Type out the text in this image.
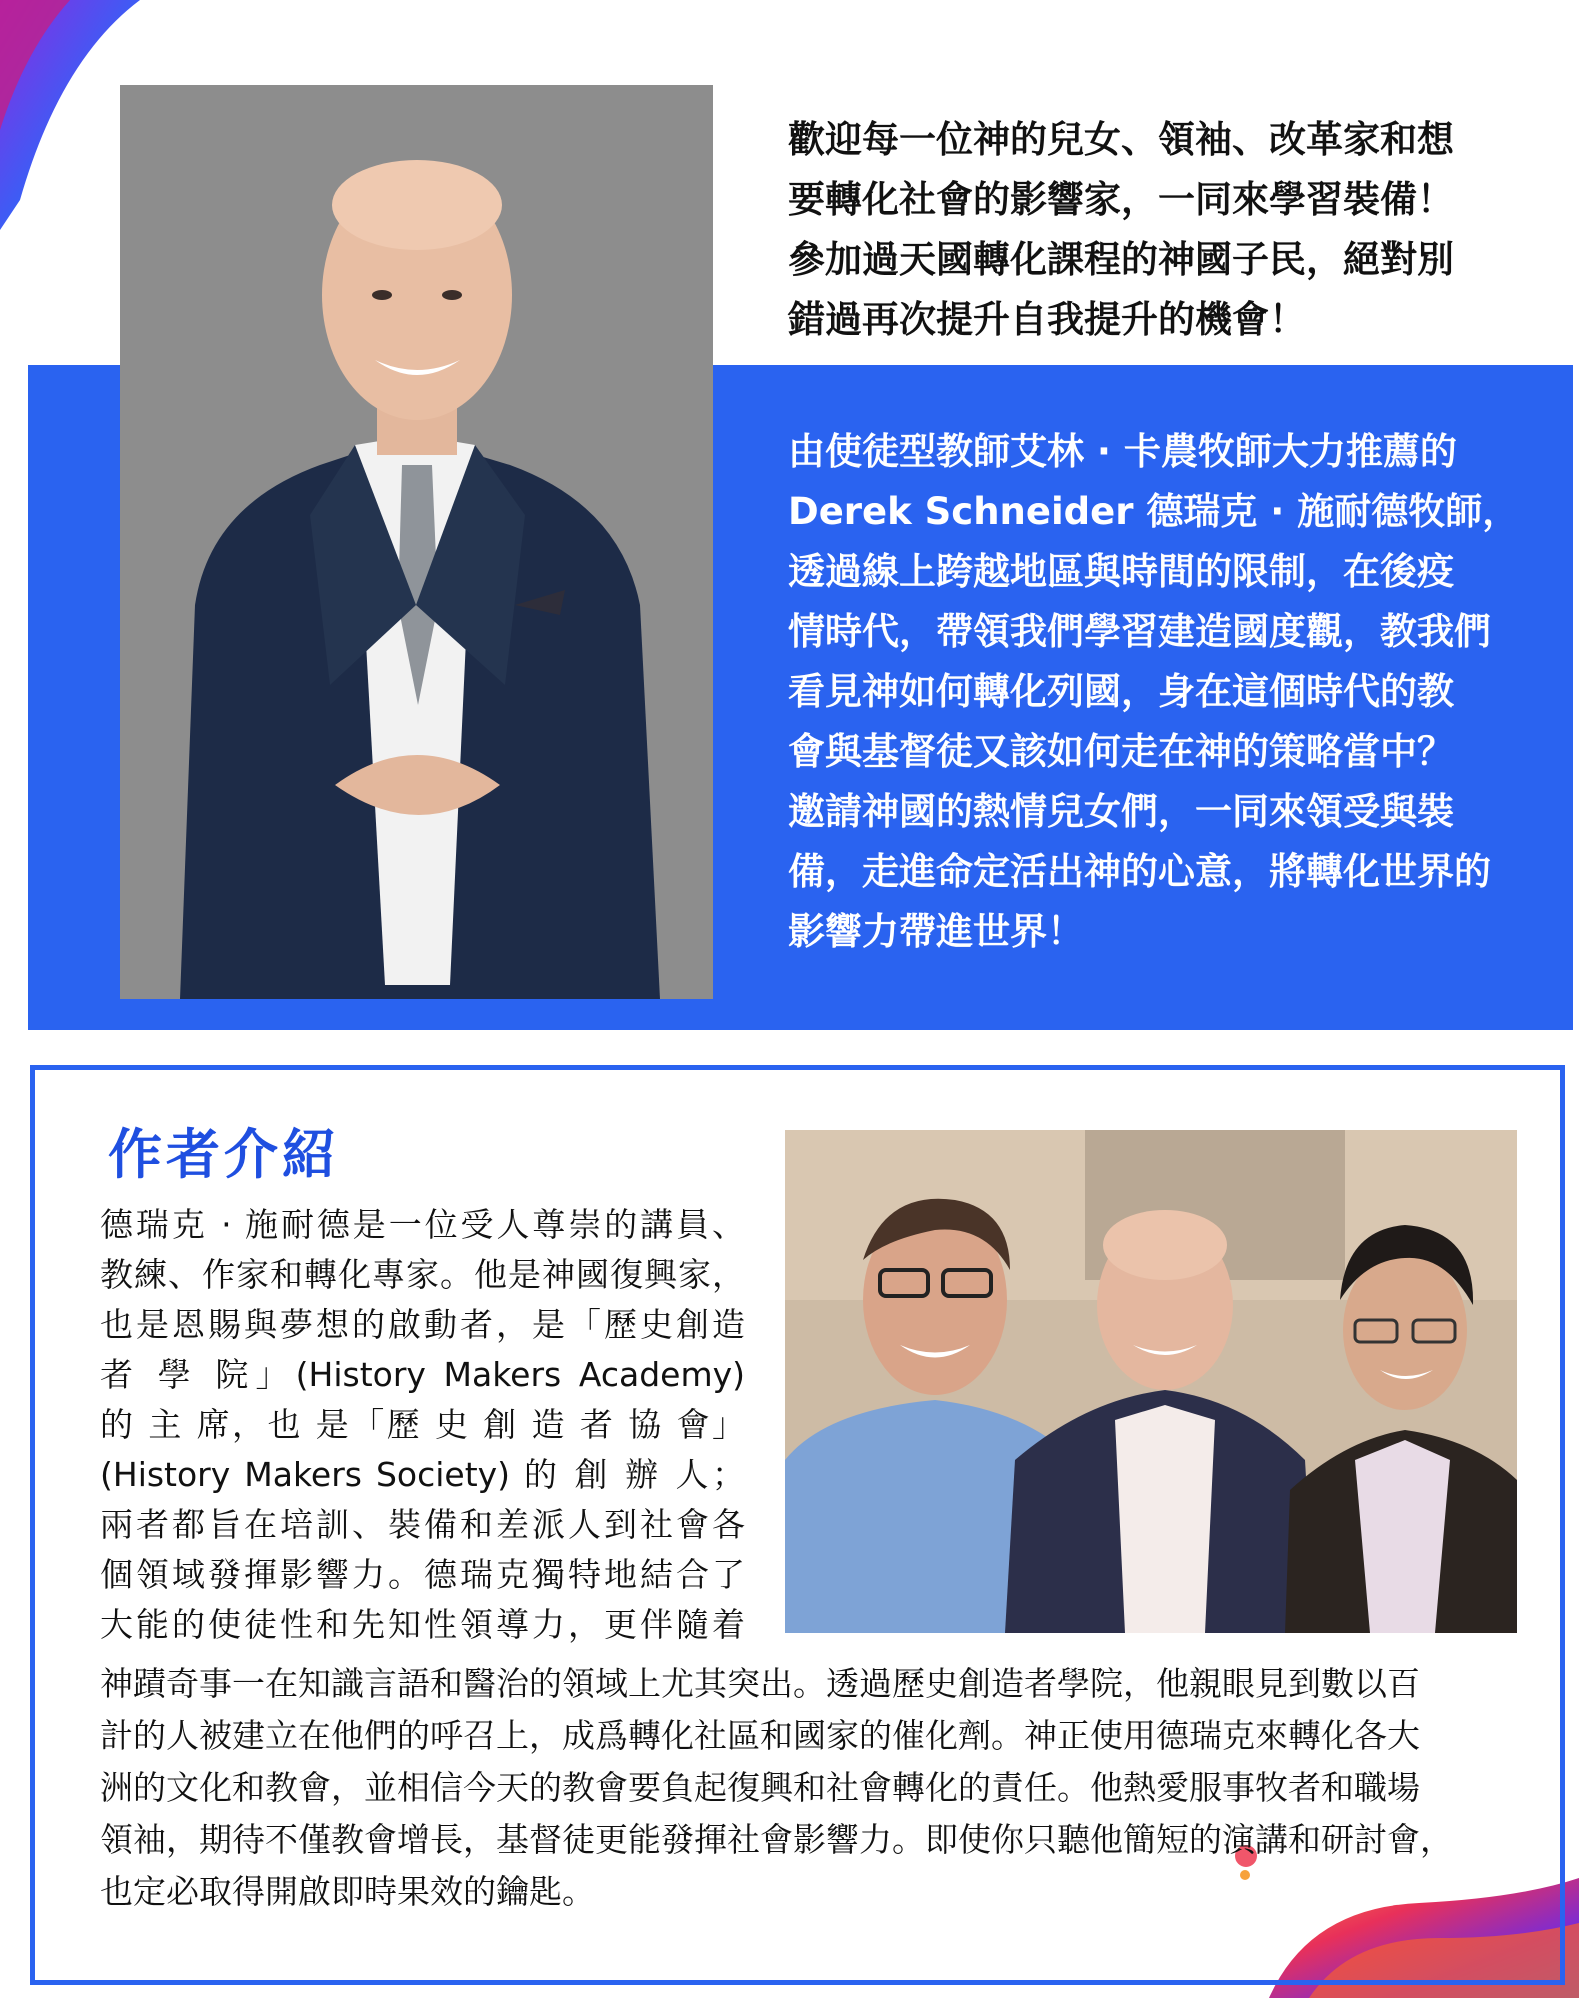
歡迎每一位神的兒女、領袖、改革家和想
要轉化社會的影響家，一同來學習裝備！
參加過天國轉化課程的神國子民，絕對別
錯過再次提升自我提升的機會！
由使徒型教師艾林 · 卡農牧師大力推薦的
Derek Schneider 德瑞克 · 施耐德牧師，
透過線上跨越地區與時間的限制，在後疫
情時代，帶領我們學習建造國度觀，教我們
看見神如何轉化列國，身在這個時代的教
會與基督徒又該如何走在神的策略當中？
邀請神國的熱情兒女們，一同來領受與裝
備，走進命定活出神的心意，將轉化世界的
影響力帶進世界！
作者介紹
德瑞克 · 施耐德是一位受人尊崇的講員、
教練、作家和轉化專家。他是神國復興家，
也是恩賜與夢想的啟動者，是「歷史創造
者 學 院」(History Makers Academy)
的 主 席，也 是「歷 史 創 造 者 協 會」
(History Makers Society) 的 創 辦 人；
兩者都旨在培訓、裝備和差派人到社會各
個領域發揮影響力。德瑞克獨特地結合了
大能的使徒性和先知性領導力，更伴隨着
神蹟奇事一在知識言語和醫治的領域上尤其突出。透過歷史創造者學院，他親眼見到數以百
計的人被建立在他們的呼召上，成爲轉化社區和國家的催化劑。神正使用德瑞克來轉化各大
洲的文化和教會，並相信今天的教會要負起復興和社會轉化的責任。他熱愛服事牧者和職場
領袖，期待不僅教會增長，基督徒更能發揮社會影響力。即使你只聽他簡短的演講和研討會，
也定必取得開啟即時果效的鑰匙。
